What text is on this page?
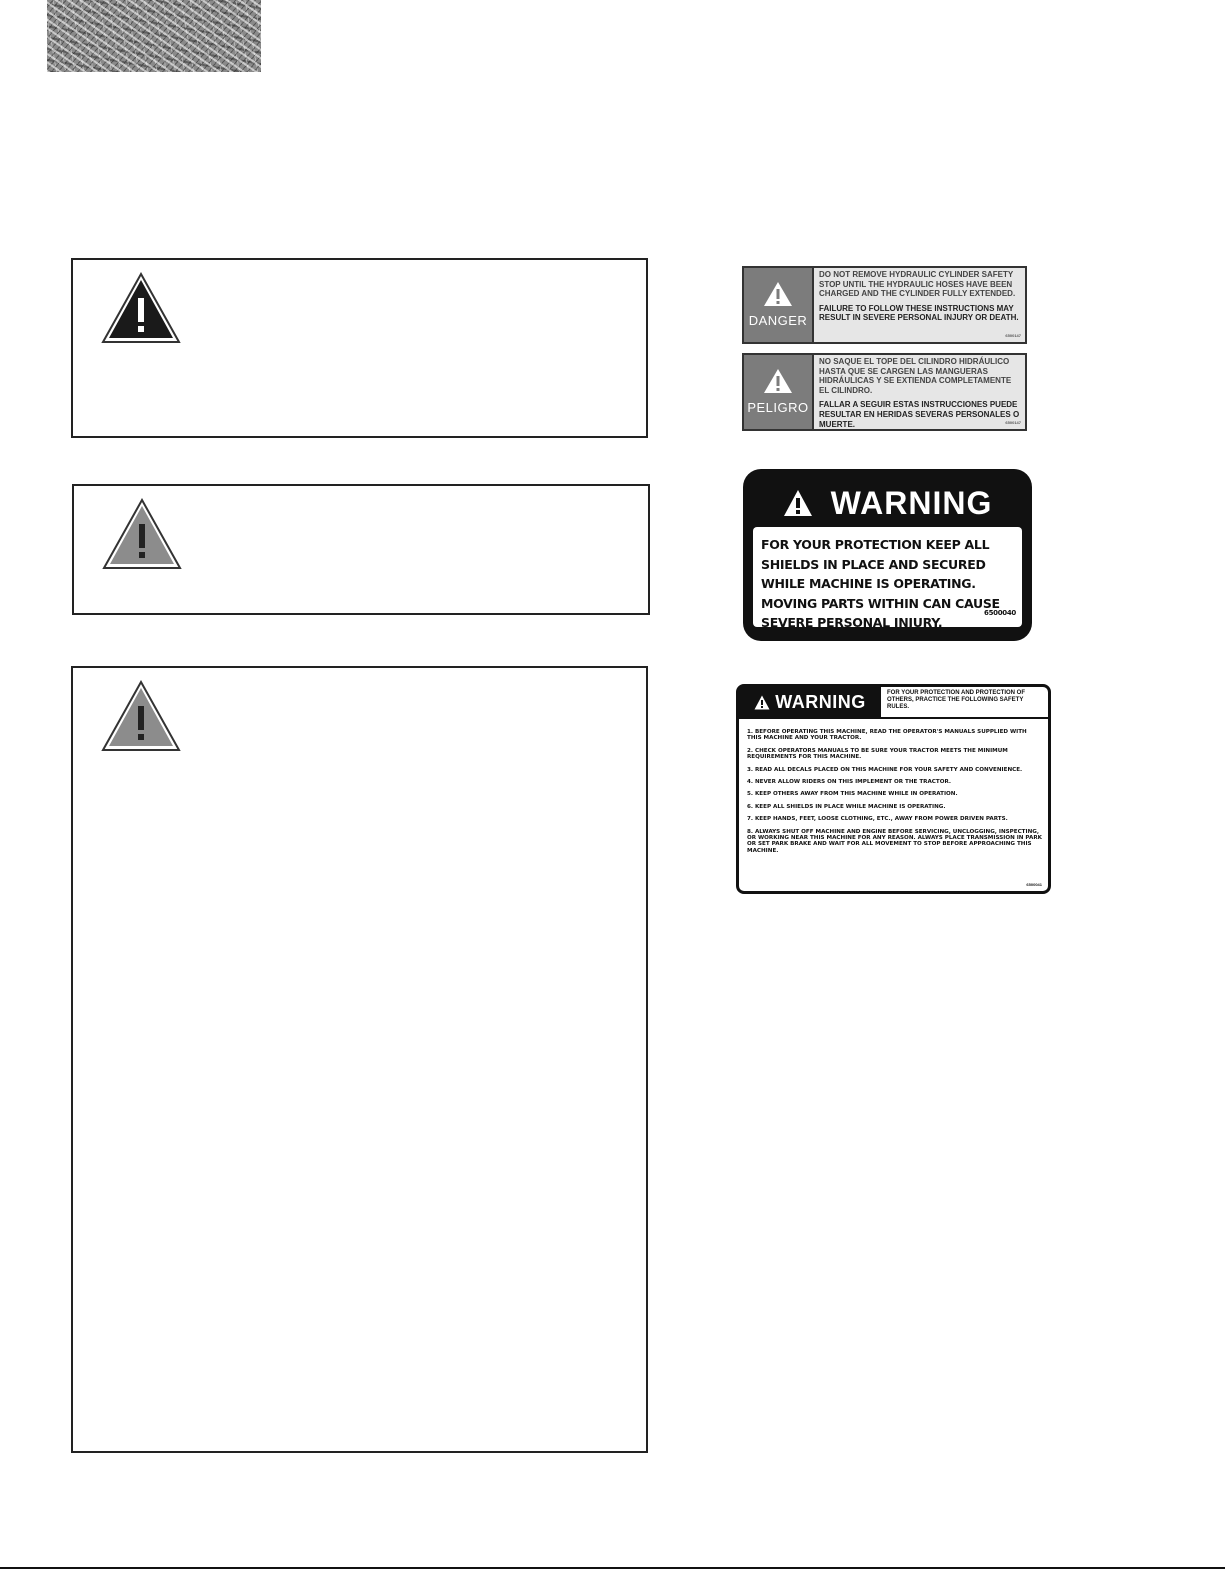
DANGER
DO NOT REMOVE HYDRAULIC CYLINDER SAFETY STOP UNTIL THE HYDRAULIC HOSES HAVE BEEN CHARGED AND THE CYLINDER FULLY EXTENDED.
FAILURE TO FOLLOW THESE INSTRUCTIONS MAY RESULT IN SEVERE PERSONAL INJURY OR DEATH.
6500147
PELIGRO
NO SAQUE EL TOPE DEL CILINDRO HIDRÁULICO HASTA QUE SE CARGEN LAS MANGUERAS HIDRÁULICAS Y SE EXTIENDA COMPLETAMENTE EL CILINDRO.
FALLAR A SEGUIR ESTAS INSTRUCCIONES PUEDE RESULTAR EN HERIDAS SEVERAS PERSONALES O MUERTE.	6500147
WARNING
FOR YOUR PROTECTION KEEP ALL SHIELDS IN PLACE AND SECURED WHILE MACHINE IS OPERATING. MOVING PARTS WITHIN CAN CAUSE SEVERE PERSONAL INJURY.
6500040
WARNING	FOR YOUR PROTECTION AND PROTECTION OF OTHERS, PRACTICE THE FOLLOWING SAFETY RULES.
1. BEFORE OPERATING THIS MACHINE, READ THE OPERATOR'S MANUALS SUPPLIED WITH THIS MACHINE AND YOUR TRACTOR.
2. CHECK OPERATORS MANUALS TO BE SURE YOUR TRACTOR MEETS THE MINIMUM REQUIREMENTS FOR THIS MACHINE.
3. READ ALL DECALS PLACED ON THIS MACHINE FOR YOUR SAFETY AND CONVENIENCE.
4. NEVER ALLOW RIDERS ON THIS IMPLEMENT OR THE TRACTOR.
5. KEEP OTHERS AWAY FROM THIS MACHINE WHILE IN OPERATION.
6. KEEP ALL SHIELDS IN PLACE WHILE MACHINE IS OPERATING.
7. KEEP HANDS, FEET, LOOSE CLOTHING, ETC., AWAY FROM POWER DRIVEN PARTS.
8. ALWAYS SHUT OFF MACHINE AND ENGINE BEFORE SERVICING, UNCLOGGING, INSPECTING, OR WORKING NEAR THIS MACHINE FOR ANY REASON. ALWAYS PLACE TRANSMISSION IN PARK OR SET PARK BRAKE AND WAIT FOR ALL MOVEMENT TO STOP BEFORE APPROACHING THIS MACHINE.
6500041
